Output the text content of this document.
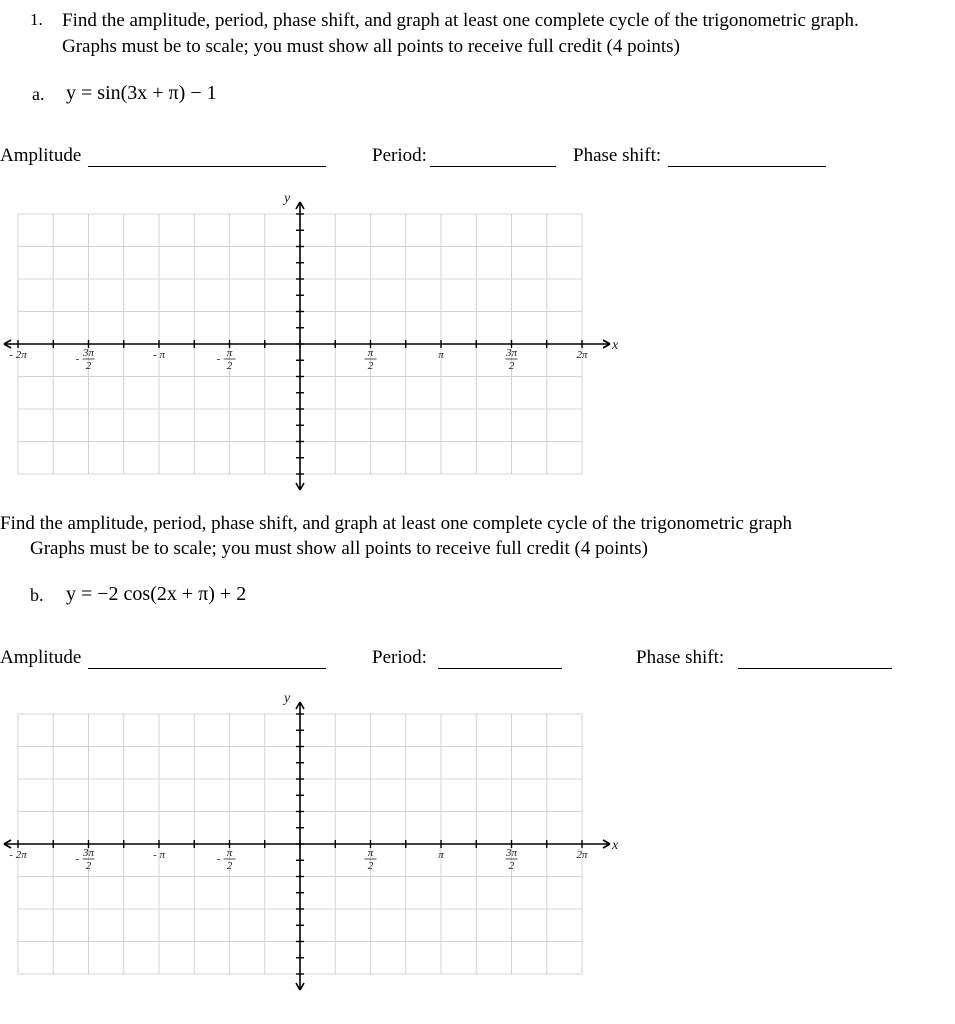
1. Find the amplitude, period, phase shift, and graph at least one complete cycle of the trigonometric graph.
Graphs must be to scale; you must show all points to receive full credit (4 points)
a. y = sin(3x + π) − 1
Amplitude	Period:	Phase shift:
y
x
- 2π	3π
2
-	- π	π
2
-	π
2
π	3π
2
2π
Find the amplitude, period, phase shift, and graph at least one complete cycle of the trigonometric graph
Graphs must be to scale; you must show all points to receive full credit (4 points)
b. y = −2 cos(2x + π) + 2
Amplitude	Period:	Phase shift:
y
x
- 2π	3π
2
-	- π	π
2
-	π
2
π	3π
2
2π
